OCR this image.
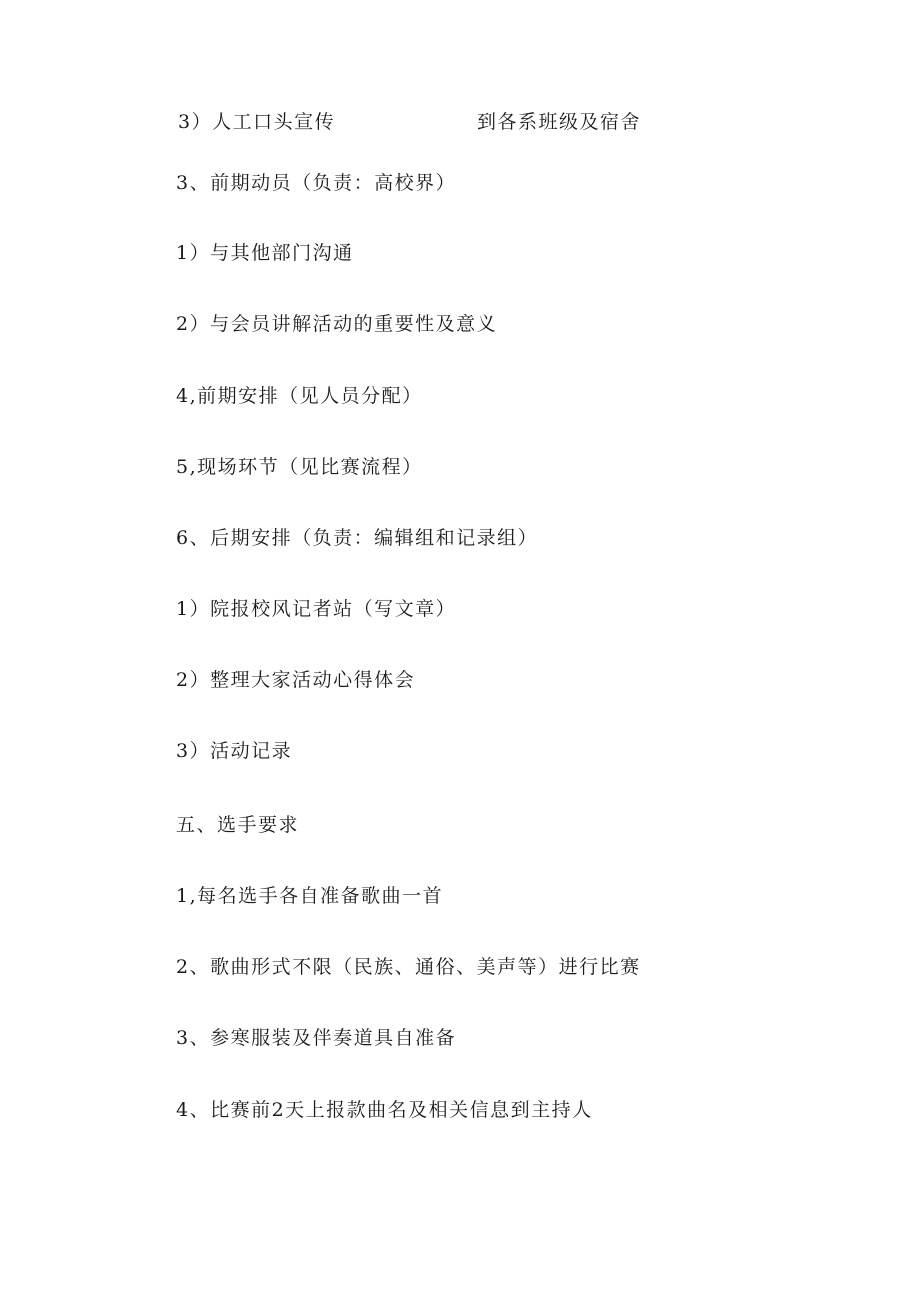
3）人工口头宣传	到各系班级及宿舍
3、前期动员（负责：高校界）
1）与其他部门沟通
2）与会员讲解活动的重要性及意义
4,前期安排（见人员分配）
5,现场环节（见比赛流程）
6、后期安排（负责：编辑组和记录组）
1）院报校风记者站（写文章）
2）整理大家活动心得体会
3）活动记录
五、选手要求
1,每名选手各自准备歌曲一首
2、歌曲形式不限（民族、通俗、美声等）进行比赛
3、参寒服装及伴奏道具自准备
4、比赛前2天上报款曲名及相关信息到主持人
